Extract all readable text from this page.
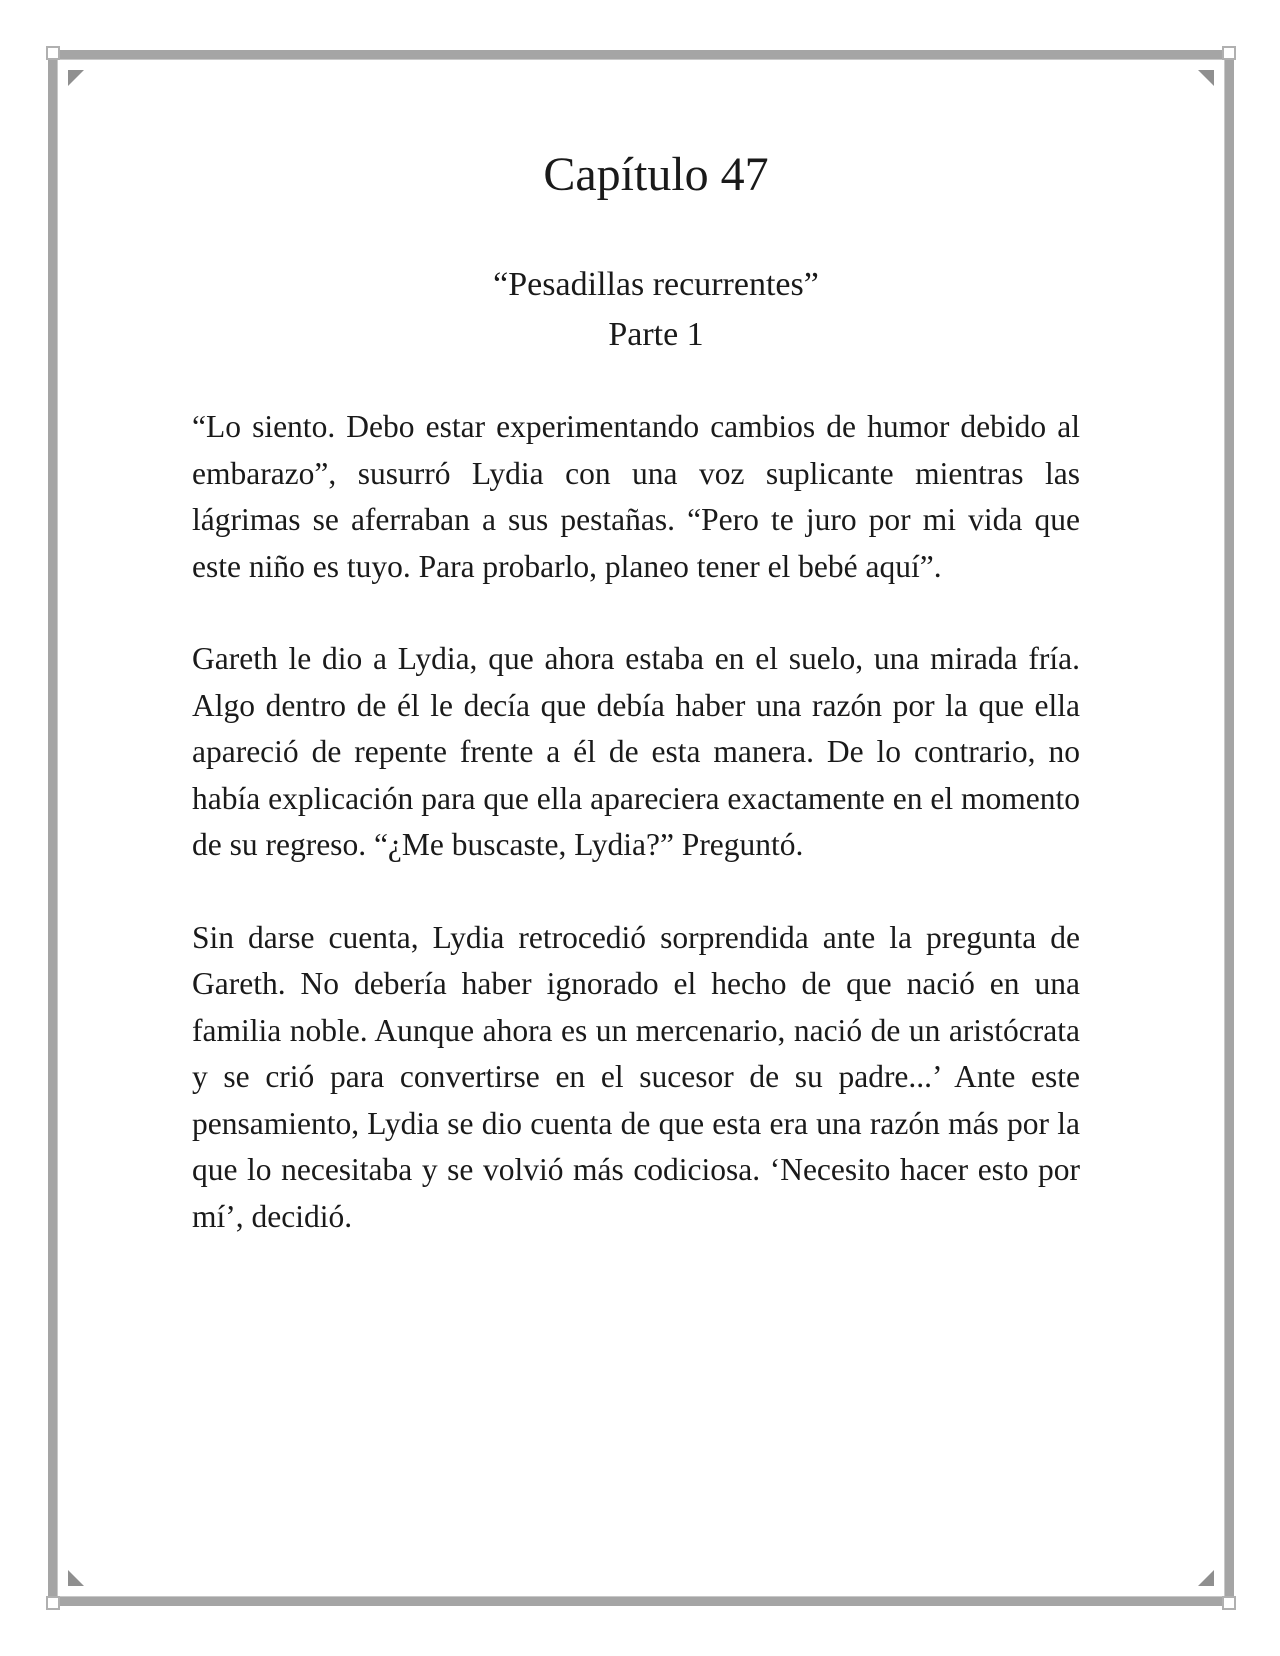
Capítulo 47

“Pesadillas recurrentes”

Parte 1

“Lo siento. Debo estar experimentando cambios de humor debido al embarazo”, susurró Lydia con una voz suplicante mientras las lágrimas se aferraban a sus pestañas. “Pero te juro por mi vida que este niño es tuyo. Para probarlo, planeo tener el bebé aquí”.

Gareth le dio a Lydia, que ahora estaba en el suelo, una mirada fría. Algo dentro de él le decía que debía haber una razón por la que ella apareció de repente frente a él de esta manera. De lo contrario, no había explicación para que ella apareciera exactamente en el momento de su regreso. “¿Me buscaste, Lydia?” Preguntó.

Sin darse cuenta, Lydia retrocedió sorprendida ante la pregunta de Gareth. No debería haber ignorado el hecho de que nació en una familia noble. Aunque ahora es un mercenario, nació de un aristócrata y se crió para convertirse en el sucesor de su padre...’ Ante este pensamiento, Lydia se dio cuenta de que esta era una razón más por la que lo necesitaba y se volvió más codiciosa. ‘Necesito hacer esto por mí’, decidió.
